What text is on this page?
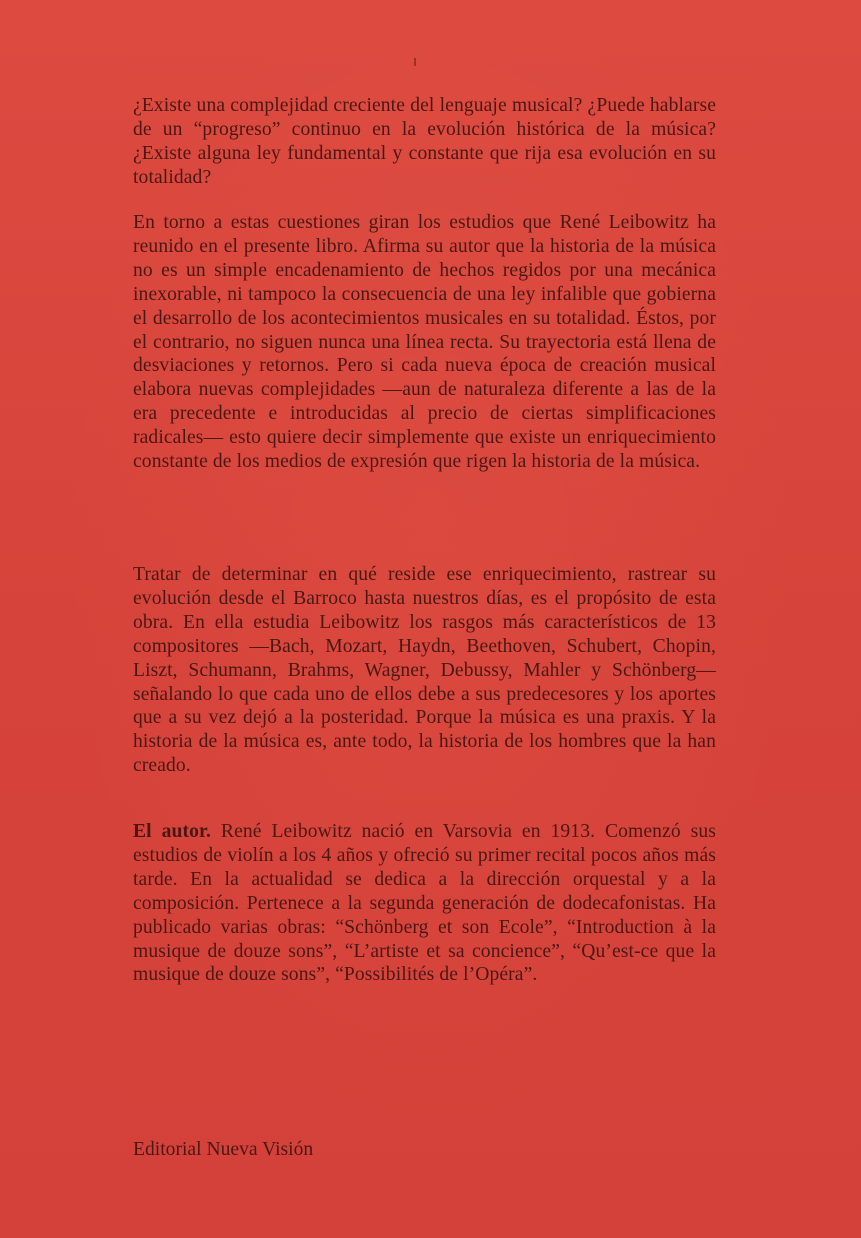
¿Existe una complejidad creciente del lenguaje musical? ¿Puede hablarse de un “progreso” continuo en la evolución histórica de la música? ¿Existe alguna ley fundamental y constante que rija esa evolución en su totalidad?

En torno a estas cuestiones giran los estudios que René Leibowitz ha reunido en el presente libro. Afirma su autor que la historia de la música no es un simple encadenamiento de hechos regidos por una mecánica inexorable, ni tampoco la consecuencia de una ley infalible que gobierna el desarrollo de los acontecimientos musicales en su totalidad. Éstos, por el contrario, no siguen nunca una línea recta. Su trayectoria está llena de desviaciones y retornos. Pero si cada nueva época de creación musical elabora nuevas complejidades —aun de naturaleza diferente a las de la era precedente e introducidas al precio de ciertas simplificaciones radicales— esto quiere decir simplemente que existe un enriquecimiento constante de los medios de expresión que rigen la historia de la música.

Tratar de determinar en qué reside ese enriquecimiento, rastrear su evolución desde el Barroco hasta nuestros días, es el propósito de esta obra. En ella estudia Leibowitz los rasgos más característicos de 13 compositores —Bach, Mozart, Haydn, Beethoven, Schubert, Chopin, Liszt, Schumann, Brahms, Wagner, Debussy, Mahler y Schönberg— señalando lo que cada uno de ellos debe a sus predecesores y los aportes que a su vez dejó a la posteridad. Porque la música es una praxis. Y la historia de la música es, ante todo, la historia de los hombres que la han creado.

El autor. René Leibowitz nació en Varsovia en 1913. Comenzó sus estudios de violín a los 4 años y ofreció su primer recital pocos años más tarde. En la actualidad se dedica a la dirección orquestal y a la composición. Pertenece a la segunda generación de dodecafonistas. Ha publicado varias obras: “Schönberg et son Ecole”, “Introduction à la musique de douze sons”, “L’artiste et sa concience”, “Qu’est-ce que la musique de douze sons”, “Possibilités de l’Opéra”.

Editorial Nueva Visión
